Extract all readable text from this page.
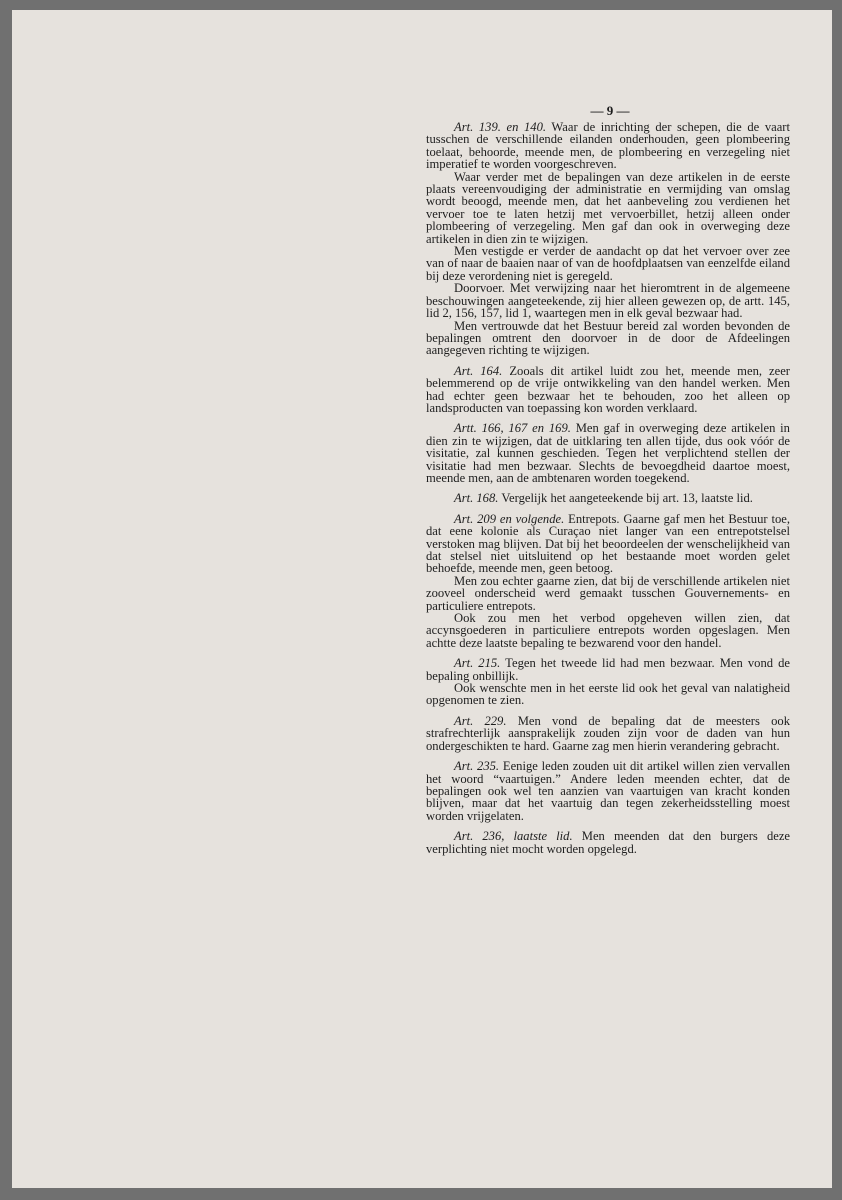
— 9 —

Art. 139. en 140. Waar de inrichting der schepen, die de vaart tusschen de verschillende eilanden onderhouden, geen plombeering toelaat, behoorde, meende men, de plombeering en verzegeling niet imperatief te worden voorgeschreven.

Waar verder met de bepalingen van deze artikelen in de eerste plaats vereenvoudiging der administratie en vermijding van omslag wordt beoogd, meende men, dat het aanbeveling zou verdienen het vervoer toe te laten hetzij met vervoerbillet, hetzij alleen onder plombeering of verzegeling. Men gaf dan ook in overweging deze artikelen in dien zin te wijzigen.

Men vestigde er verder de aandacht op dat het vervoer over zee van of naar de baaien naar of van de hoofdplaatsen van eenzelfde eiland bij deze verordening niet is geregeld.

Doorvoer. Met verwijzing naar het hieromtrent in de algemeene beschouwingen aangeteekende, zij hier alleen gewezen op, de artt. 145, lid 2, 156, 157, lid 1, waartegen men in elk geval bezwaar had.

Men vertrouwde dat het Bestuur bereid zal worden bevonden de bepalingen omtrent den doorvoer in de door de Afdeelingen aangegeven richting te wijzigen.

Art. 164. Zooals dit artikel luidt zou het, meende men, zeer belemmerend op de vrije ontwikkeling van den handel werken. Men had echter geen bezwaar het te behouden, zoo het alleen op landsproducten van toepassing kon worden verklaard.

Artt. 166, 167 en 169. Men gaf in overweging deze artikelen in dien zin te wijzigen, dat de uitklaring ten allen tijde, dus ook vóór de visitatie, zal kunnen geschieden. Tegen het verplichtend stellen der visitatie had men bezwaar. Slechts de bevoegdheid daartoe moest, meende men, aan de ambtenaren worden toegekend.

Art. 168. Vergelijk het aangeteekende bij art. 13, laatste lid.

Art. 209 en volgende. Entrepots. Gaarne gaf men het Bestuur toe, dat eene kolonie als Curaçao niet langer van een entrepotstelsel verstoken mag blijven. Dat bij het beoordeelen der wenschelijkheid van dat stelsel niet uitsluitend op het bestaande moet worden gelet behoefde, meende men, geen betoog.

Men zou echter gaarne zien, dat bij de verschillende artikelen niet zooveel onderscheid werd gemaakt tusschen Gouvernements- en particuliere entrepots.

Ook zou men het verbod opgeheven willen zien, dat accynsgoederen in particuliere entrepots worden opgeslagen. Men achtte deze laatste bepaling te bezwarend voor den handel.

Art. 215. Tegen het tweede lid had men bezwaar. Men vond de bepaling onbillijk.

Ook wenschte men in het eerste lid ook het geval van nalatigheid opgenomen te zien.

Art. 229. Men vond de bepaling dat de meesters ook strafrechterlijk aansprakelijk zouden zijn voor de daden van hun ondergeschikten te hard. Gaarne zag men hierin verandering gebracht.

Art. 235. Eenige leden zouden uit dit artikel willen zien vervallen het woord “vaartuigen.” Andere leden meenden echter, dat de bepalingen ook wel ten aanzien van vaartuigen van kracht konden blijven, maar dat het vaartuig dan tegen zekerheidsstelling moest worden vrijgelaten.

Art. 236, laatste lid. Men meenden dat den burgers deze verplichting niet mocht worden opgelegd.
